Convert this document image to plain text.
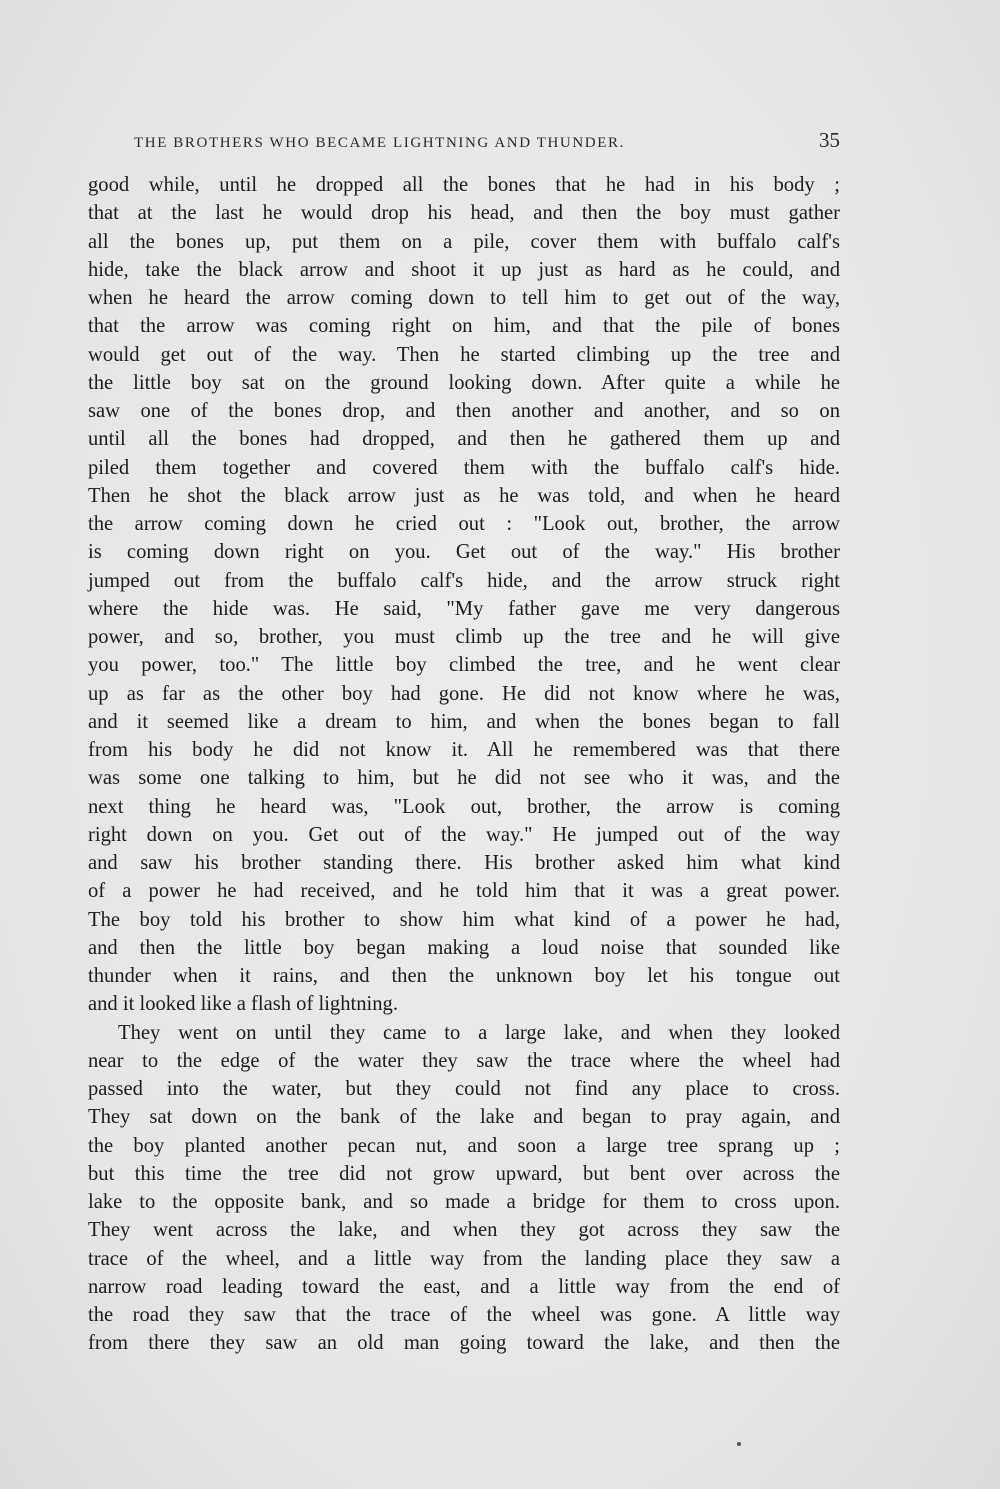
THE BROTHERS WHO BECAME LIGHTNING AND THUNDER.	35
good while, until he dropped all the bones that he had in his body ;
that at the last he would drop his head, and then the boy must gather
all the bones up, put them on a pile, cover them with buffalo calf's
hide, take the black arrow and shoot it up just as hard as he could, and
when he heard the arrow coming down to tell him to get out of the way,
that the arrow was coming right on him, and that the pile of bones
would get out of the way. Then he started climbing up the tree and
the little boy sat on the ground looking down. After quite a while he
saw one of the bones drop, and then another and another, and so on
until all the bones had dropped, and then he gathered them up and
piled them together and covered them with the buffalo calf's hide.
Then he shot the black arrow just as he was told, and when he heard
the arrow coming down he cried out : "Look out, brother, the arrow
is coming down right on you. Get out of the way." His brother
jumped out from the buffalo calf's hide, and the arrow struck right
where the hide was. He said, "My father gave me very dangerous
power, and so, brother, you must climb up the tree and he will give
you power, too." The little boy climbed the tree, and he went clear
up as far as the other boy had gone. He did not know where he was,
and it seemed like a dream to him, and when the bones began to fall
from his body he did not know it. All he remembered was that there
was some one talking to him, but he did not see who it was, and the
next thing he heard was, "Look out, brother, the arrow is coming
right down on you. Get out of the way." He jumped out of the way
and saw his brother standing there. His brother asked him what kind
of a power he had received, and he told him that it was a great power.
The boy told his brother to show him what kind of a power he had,
and then the little boy began making a loud noise that sounded like
thunder when it rains, and then the unknown boy let his tongue out
and it looked like a flash of lightning.
They went on until they came to a large lake, and when they looked
near to the edge of the water they saw the trace where the wheel had
passed into the water, but they could not find any place to cross.
They sat down on the bank of the lake and began to pray again, and
the boy planted another pecan nut, and soon a large tree sprang up ;
but this time the tree did not grow upward, but bent over across the
lake to the opposite bank, and so made a bridge for them to cross upon.
They went across the lake, and when they got across they saw the
trace of the wheel, and a little way from the landing place they saw a
narrow road leading toward the east, and a little way from the end of
the road they saw that the trace of the wheel was gone. A little way
from there they saw an old man going toward the lake, and then the
